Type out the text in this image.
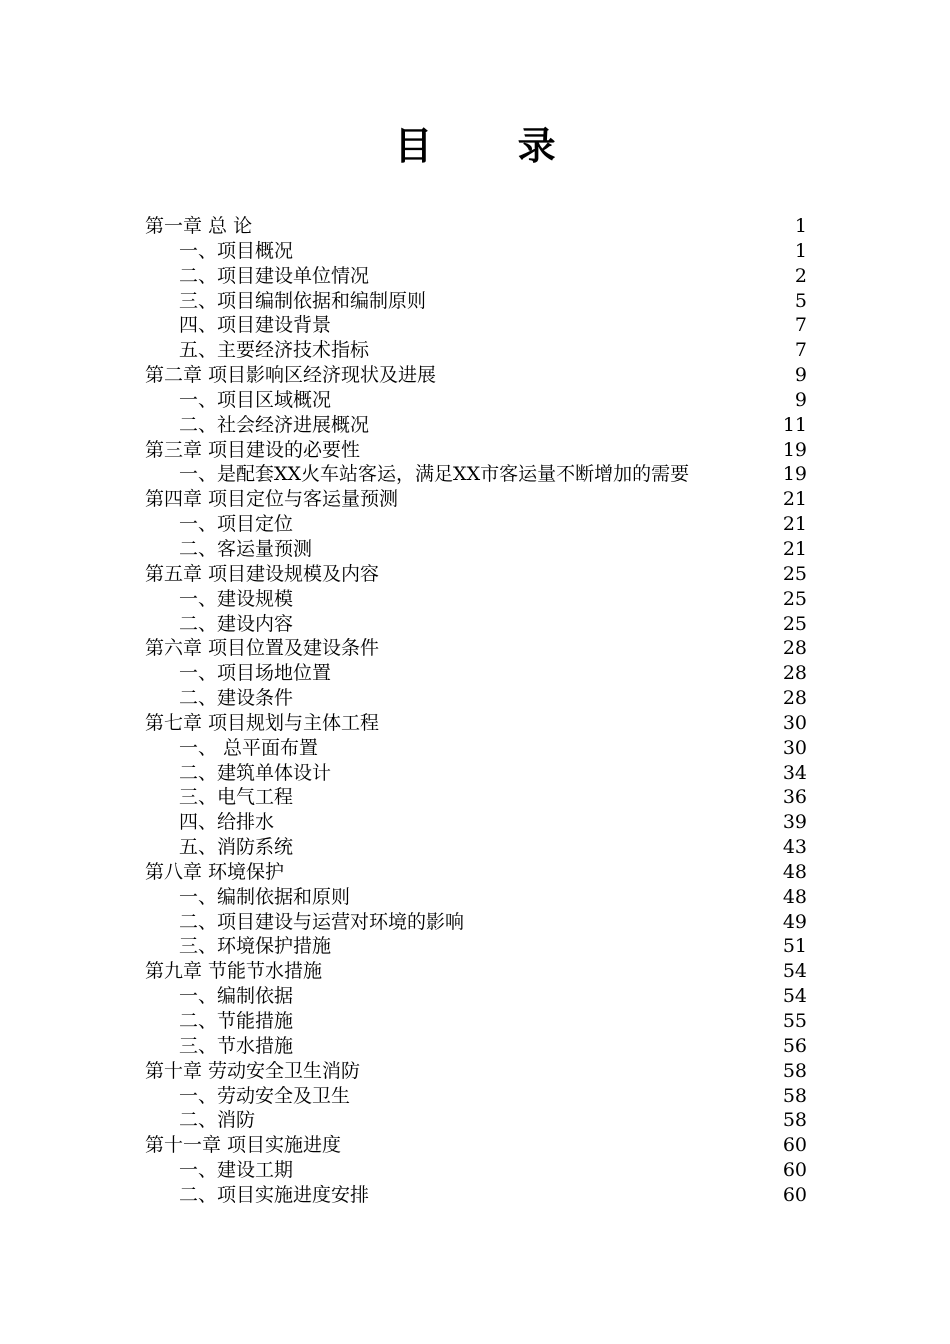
目 录
第一章 总 论	1
一、项目概况	1
二、项目建设单位情况	2
三、项目编制依据和编制原则	5
四、项目建设背景	7
五、主要经济技术指标	7
第二章 项目影响区经济现状及进展	9
一、项目区域概况	9
二、社会经济进展概况	11
第三章 项目建设的必要性	19
一、是配套XX火车站客运，满足XX市客运量不断增加的需要	19
第四章 项目定位与客运量预测	21
一、项目定位	21
二、客运量预测	21
第五章 项目建设规模及内容	25
一、建设规模	25
二、建设内容	25
第六章 项目位置及建设条件	28
一、项目场地位置	28
二、建设条件	28
第七章 项目规划与主体工程	30
一、 总平面布置	30
二、建筑单体设计	34
三、电气工程	36
四、给排水	39
五、消防系统	43
第八章 环境保护	48
一、编制依据和原则	48
二、项目建设与运营对环境的影响	49
三、环境保护措施	51
第九章 节能节水措施	54
一、编制依据	54
二、节能措施	55
三、节水措施	56
第十章 劳动安全卫生消防	58
一、劳动安全及卫生	58
二、消防	58
第十一章 项目实施进度	60
一、建设工期	60
二、项目实施进度安排	60
